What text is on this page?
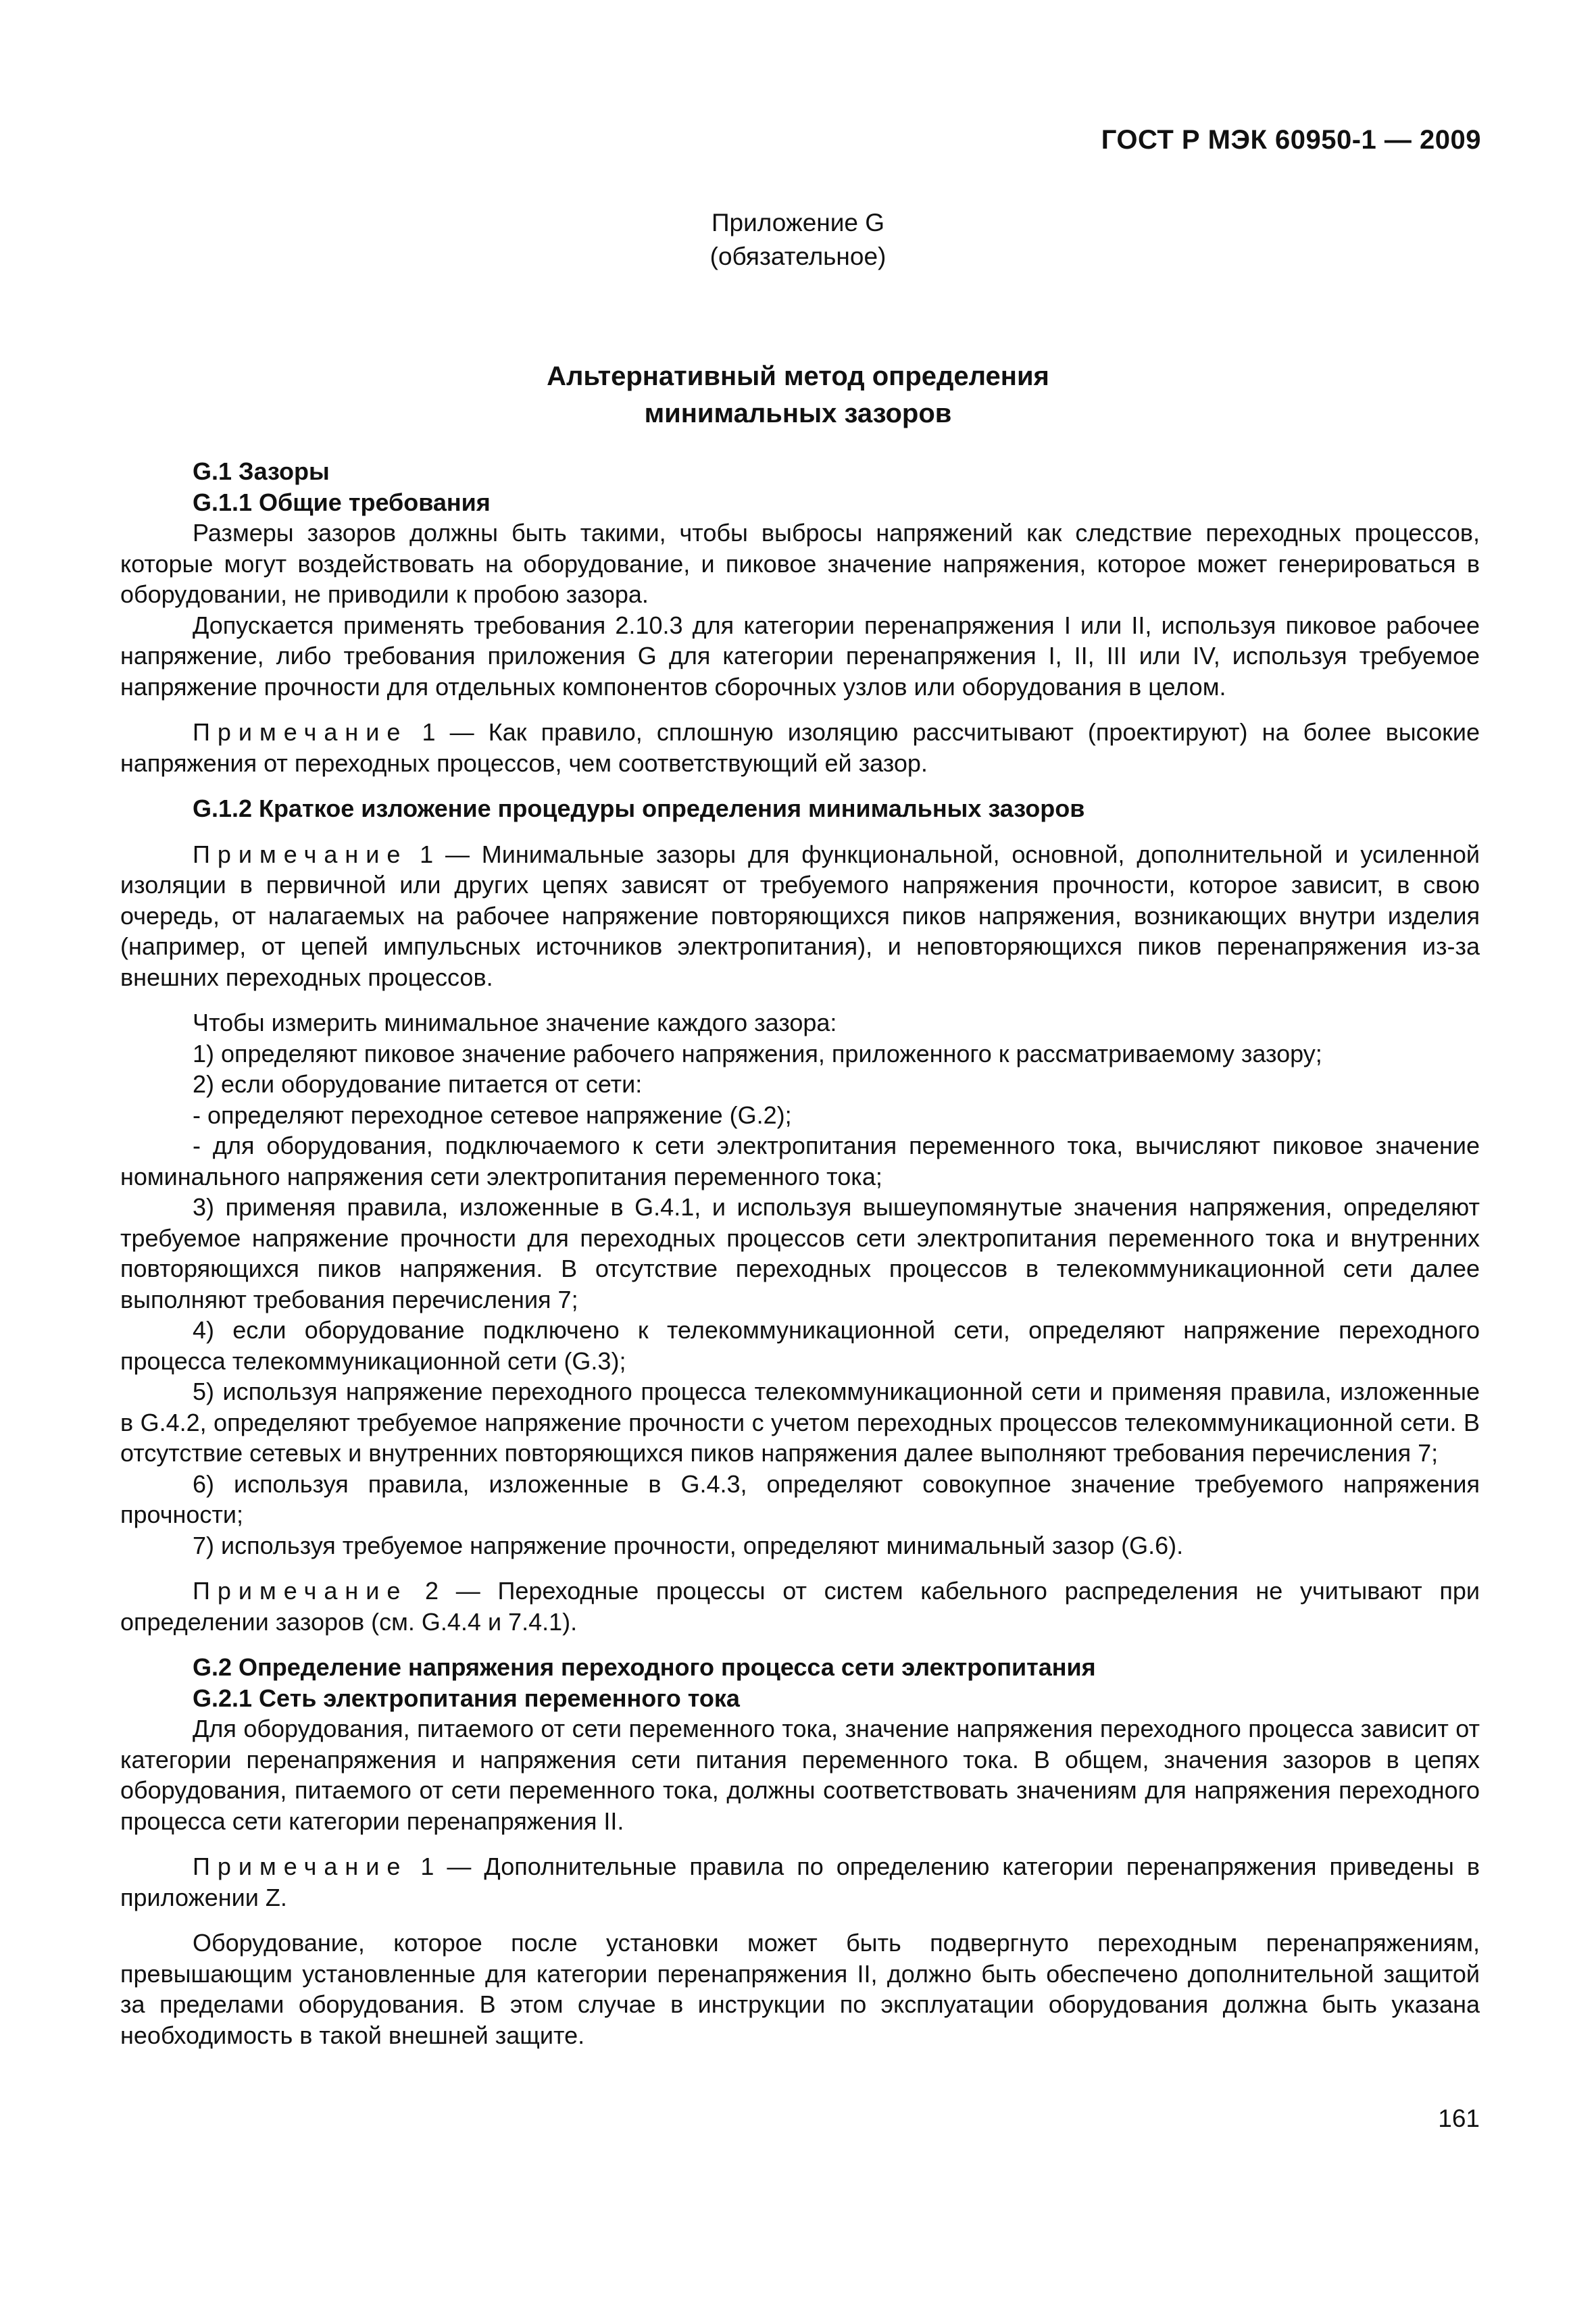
ГОСТ Р МЭК 60950-1 — 2009
Приложение G
(обязательное)
Альтернативный метод определения
минимальных зазоров
G.1 Зазоры
G.1.1 Общие требования

Размеры зазоров должны быть такими, чтобы выбросы напряжений как следствие переходных процессов, которые могут воздействовать на оборудование, и пиковое значение напряжения, которое может генерироваться в оборудовании, не приводили к пробою зазора.

Допускается применять требования 2.10.3 для категории перенапряжения I или II, используя пиковое рабочее напряжение, либо требования приложения G для категории перенапряжения I, II, III или IV, используя требуемое напряжение прочности для отдельных компонентов сборочных узлов или оборудования в целом.

Примечание 1 — Как правило, сплошную изоляцию рассчитывают (проектируют) на более высокие напряжения от переходных процессов, чем соответствующий ей зазор.

G.1.2 Краткое изложение процедуры определения минимальных зазоров

Примечание 1 — Минимальные зазоры для функциональной, основной, дополнительной и усиленной изоляции в первичной или других цепях зависят от требуемого напряжения прочности, которое зависит, в свою очередь, от налагаемых на рабочее напряжение повторяющихся пиков напряжения, возникающих внутри изделия (например, от цепей импульсных источников электропитания), и неповторяющихся пиков перенапряжения из-за внешних переходных процессов.

Чтобы измерить минимальное значение каждого зазора:

1) определяют пиковое значение рабочего напряжения, приложенного к рассматриваемому зазору;

2) если оборудование питается от сети:

- определяют переходное сетевое напряжение (G.2);

- для оборудования, подключаемого к сети электропитания переменного тока, вычисляют пиковое значение номинального напряжения сети электропитания переменного тока;

3) применяя правила, изложенные в G.4.1, и используя вышеупомянутые значения напряжения, определяют требуемое напряжение прочности для переходных процессов сети электропитания переменного тока и внутренних повторяющихся пиков напряжения. В отсутствие переходных процессов в телекоммуникационной сети далее выполняют требования перечисления 7;

4) если оборудование подключено к телекоммуникационной сети, определяют напряжение переходного процесса телекоммуникационной сети (G.3);

5) используя напряжение переходного процесса телекоммуникационной сети и применяя правила, изложенные в G.4.2, определяют требуемое напряжение прочности с учетом переходных процессов телекоммуникационной сети. В отсутствие сетевых и внутренних повторяющихся пиков напряжения далее выполняют требования перечисления 7;

6) используя правила, изложенные в G.4.3, определяют совокупное значение требуемого напряжения прочности;

7) используя требуемое напряжение прочности, определяют минимальный зазор (G.6).

Примечание 2 — Переходные процессы от систем кабельного распределения не учитывают при определении зазоров (см. G.4.4 и 7.4.1).

G.2 Определение напряжения переходного процесса сети электропитания
G.2.1 Сеть электропитания переменного тока

Для оборудования, питаемого от сети переменного тока, значение напряжения переходного процесса зависит от категории перенапряжения и напряжения сети питания переменного тока. В общем, значения зазоров в цепях оборудования, питаемого от сети переменного тока, должны соответствовать значениям для напряжения переходного процесса сети категории перенапряжения II.

Примечание 1 — Дополнительные правила по определению категории перенапряжения приведены в приложении Z.

Оборудование, которое после установки может быть подвергнуто переходным перенапряжениям, превышающим установленные для категории перенапряжения II, должно быть обеспечено дополнительной защитой за пределами оборудования. В этом случае в инструкции по эксплуатации оборудования должна быть указана необходимость в такой внешней защите.

161
